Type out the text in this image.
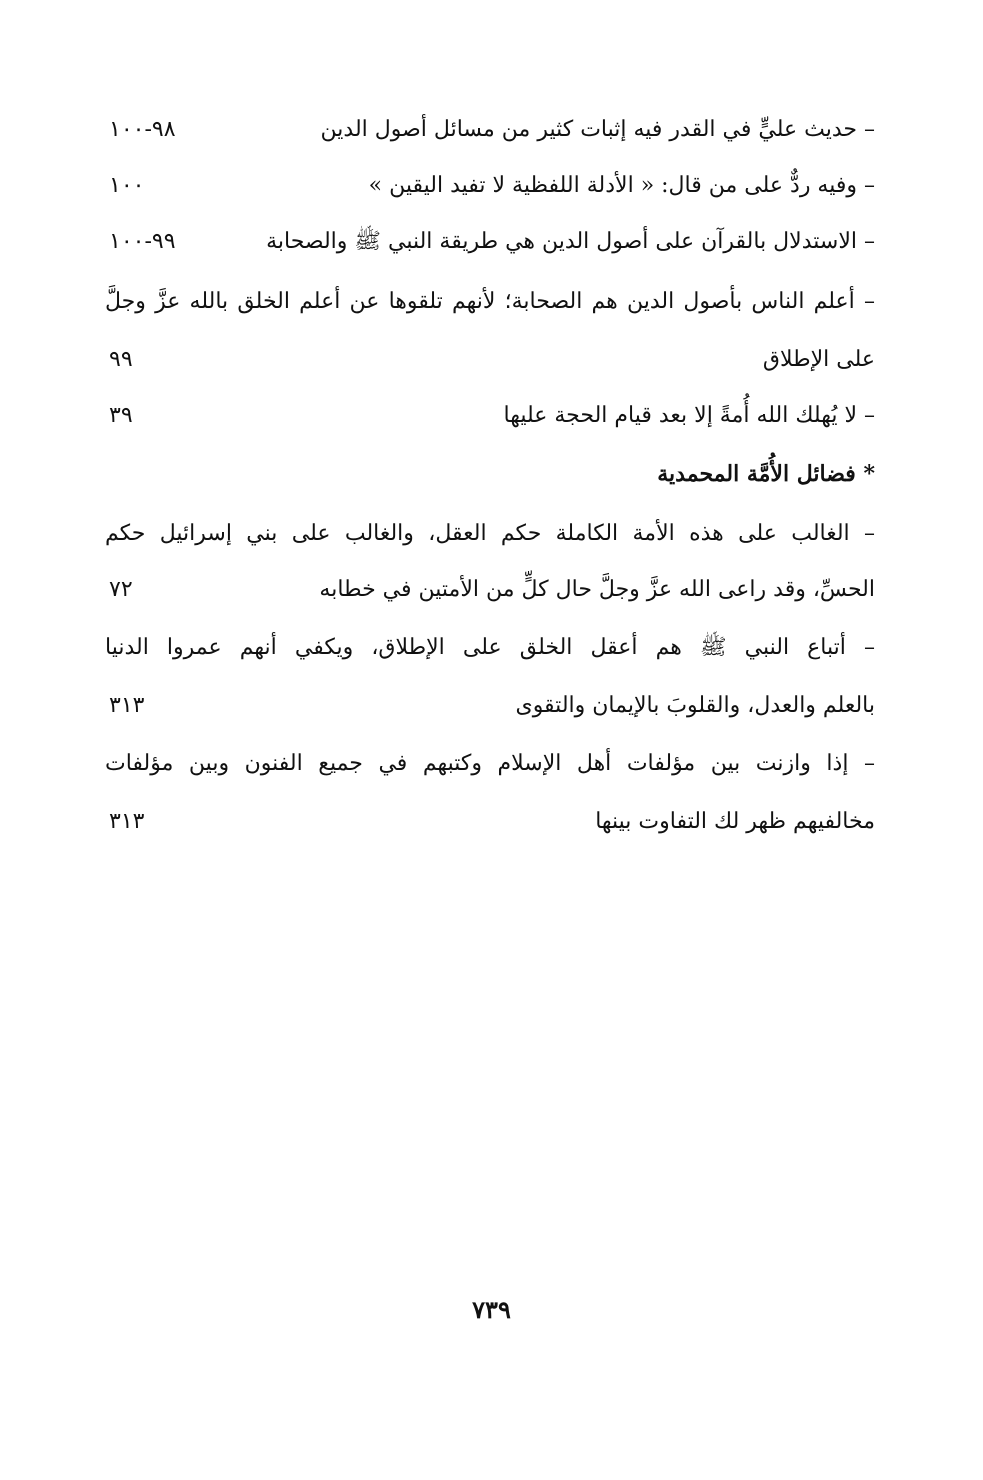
– حديث عليٍّ في القدر فيه إثبات كثير من مسائل أصول الدين
٩٨-١٠٠
– وفيه ردٌّ على من قال: « الأدلة اللفظية لا تفيد اليقين »
١٠٠
– الاستدلال بالقرآن على أصول الدين هي طريقة النبي ﷺ والصحابة
٩٩-١٠٠
– أعلم الناس بأصول الدين هم الصحابة؛ لأنهم تلقوها عن أعلم الخلق بالله عزَّ وجلَّ
على الإطلاق
٩٩
– لا يُهلك الله أُمةً إلا بعد قيام الحجة عليها
٣٩
* فضائل الأُمَّة المحمدية
– الغالب على هذه الأمة الكاملة حكم العقل، والغالب على بني إسرائيل حكم
الحسِّ، وقد راعى الله عزَّ وجلَّ حال كلٍّ من الأمتين في خطابه
٧٢
– أتباع النبي ﷺ هم أعقل الخلق على الإطلاق، ويكفي أنهم عمروا الدنيا
بالعلم والعدل، والقلوبَ بالإيمان والتقوى
٣١٣
– إذا وازنت بين مؤلفات أهل الإسلام وكتبهم في جميع الفنون وبين مؤلفات
مخالفيهم ظهر لك التفاوت بينها
٣١٣
٧٣٩
